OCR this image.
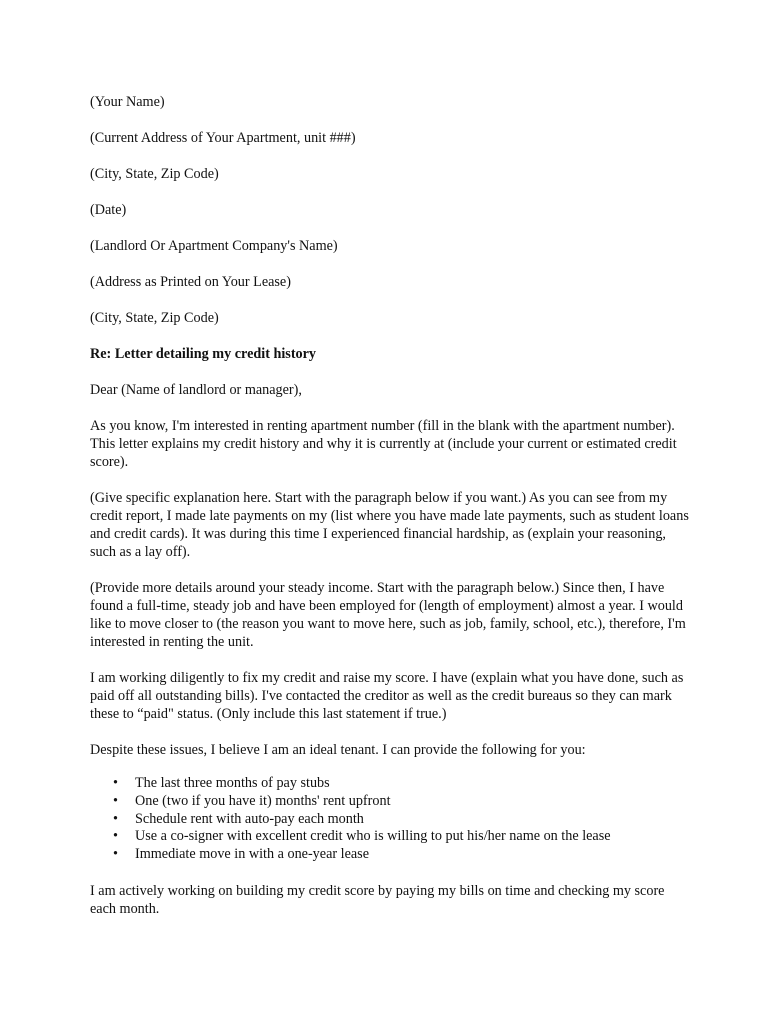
(Your Name)
(Current Address of Your Apartment, unit ###)
(City, State, Zip Code)
(Date)
(Landlord Or Apartment Company's Name)
(Address as Printed on Your Lease)
(City, State, Zip Code)
Re: Letter detailing my credit history
Dear (Name of landlord or manager),

As you know, I'm interested in renting apartment number (fill in the blank with the apartment number). This letter explains my credit history and why it is currently at (include your current or estimated credit score).

(Give specific explanation here. Start with the paragraph below if you want.) As you can see from my credit report, I made late payments on my (list where you have made late payments, such as student loans and credit cards). It was during this time I experienced financial hardship, as (explain your reasoning, such as a lay off).

(Provide more details around your steady income. Start with the paragraph below.) Since then, I have found a full-time, steady job and have been employed for (length of employment) almost a year. I would like to move closer to (the reason you want to move here, such as job, family, school, etc.), therefore, I'm interested in renting the unit.

I am working diligently to fix my credit and raise my score. I have (explain what you have done, such as paid off all outstanding bills). I've contacted the creditor as well as the credit bureaus so they can mark these to “paid" status. (Only include this last statement if true.)

Despite these issues, I believe I am an ideal tenant. I can provide the following for you:

• The last three months of pay stubs
• One (two if you have it) months' rent upfront
• Schedule rent with auto-pay each month
• Use a co-signer with excellent credit who is willing to put his/her name on the lease
• Immediate move in with a one-year lease

I am actively working on building my credit score by paying my bills on time and checking my score each month.
